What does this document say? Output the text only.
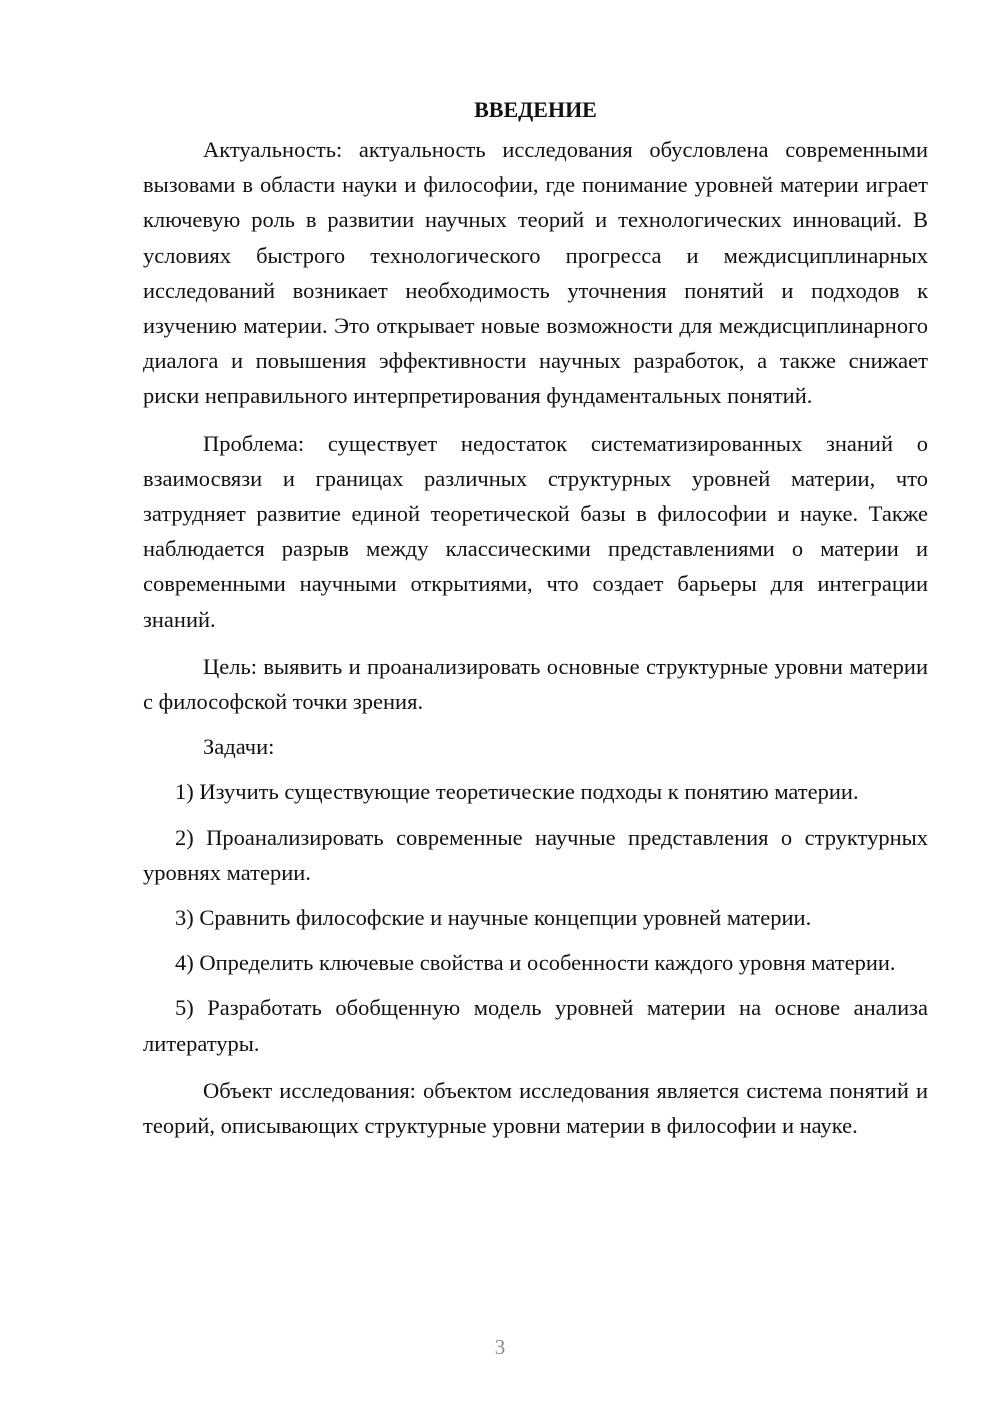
ВВЕДЕНИЕ

Актуальность: актуальность исследования обусловлена современными вызовами в области науки и философии, где понимание уровней материи играет ключевую роль в развитии научных теорий и технологических инноваций. В условиях быстрого технологического прогресса и междисциплинарных исследований возникает необходимость уточнения понятий и подходов к изучению материи. Это открывает новые возможности для междисциплинарного диалога и повышения эффективности научных разработок, а также снижает риски неправильного интерпретирования фундаментальных понятий.

Проблема: существует недостаток систематизированных знаний о взаимосвязи и границах различных структурных уровней материи, что затрудняет развитие единой теоретической базы в философии и науке. Также наблюдается разрыв между классическими представлениями о материи и современными научными открытиями, что создает барьеры для интеграции знаний.

Цель: выявить и проанализировать основные структурные уровни материи с философской точки зрения.

Задачи:

1) Изучить существующие теоретические подходы к понятию материи.

2) Проанализировать современные научные представления о структурных уровнях материи.

3) Сравнить философские и научные концепции уровней материи.

4) Определить ключевые свойства и особенности каждого уровня материи.

5) Разработать обобщенную модель уровней материи на основе анализа литературы.

Объект исследования: объектом исследования является система понятий и теорий, описывающих структурные уровни материи в философии и науке.

3
